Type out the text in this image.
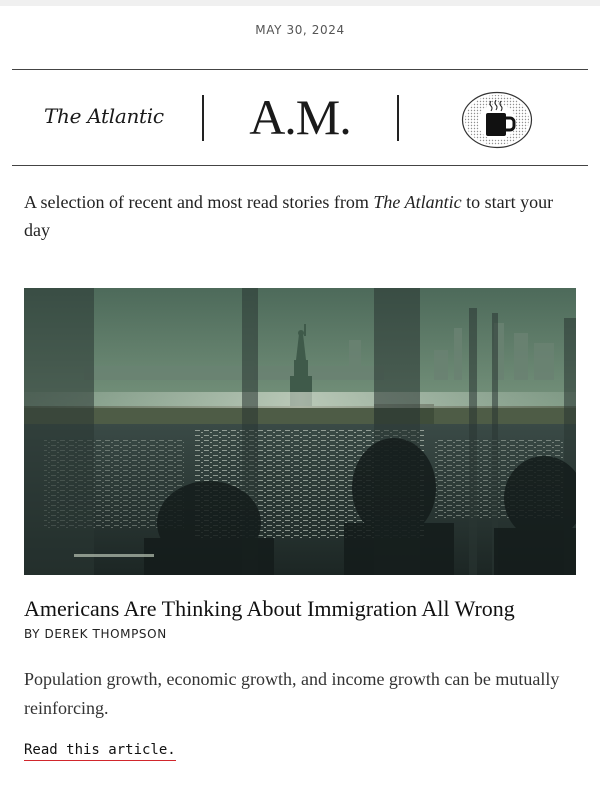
MAY 30, 2024
The Atlantic	A.M.
A selection of recent and most read stories from The Atlantic to start your day
Americans Are Thinking About Immigration All Wrong
BY DEREK THOMPSON
Population growth, economic growth, and income growth can be mutually reinforcing.
Read this article.
